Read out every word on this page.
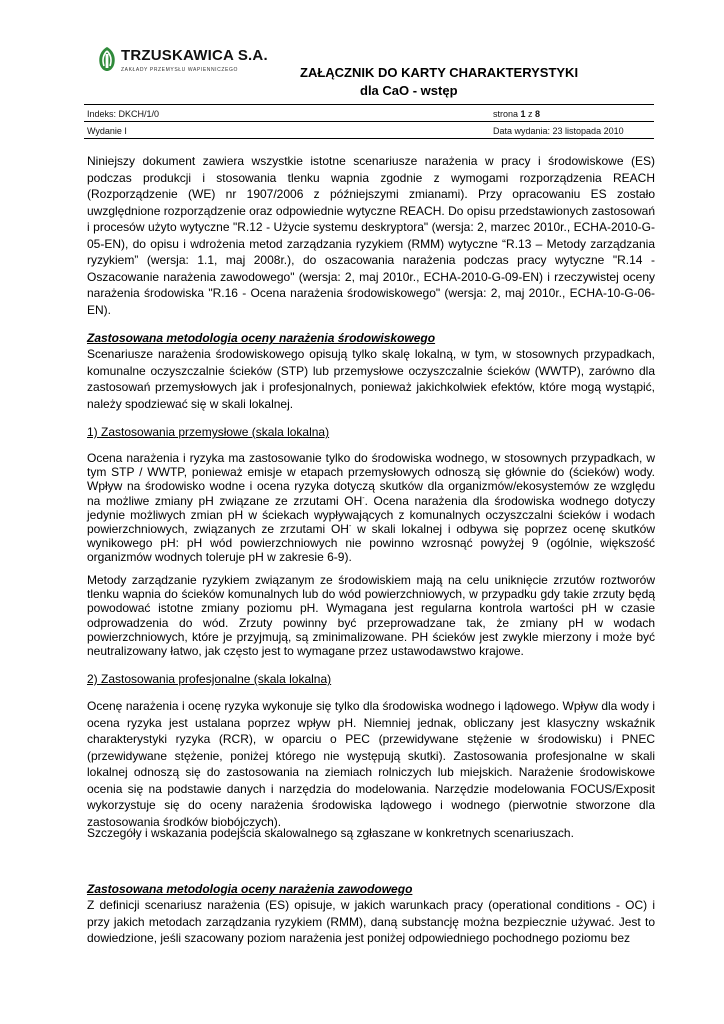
TRZUSKAWICA S.A.
ZAKŁADY PRZEMYSŁU WAPIENNICZEGO	ZAŁĄCZNIK DO KARTY CHARAKTERYSTYKI
dla CaO - wstęp
Indeks: DKCH/1/0	strona 1 z 8
Wydanie I	Data wydania: 23 listopada 2010

Niniejszy dokument zawiera wszystkie istotne scenariusze narażenia w pracy i środowiskowe (ES) podczas produkcji i stosowania tlenku wapnia zgodnie z wymogami rozporządzenia REACH (Rozporządzenie (WE) nr 1907/2006 z późniejszymi zmianami). Przy opracowaniu ES zostało uwzględnione rozporządzenie oraz odpowiednie wytyczne REACH. Do opisu przedstawionych zastosowań i procesów użyto wytyczne "R.12 - Użycie systemu deskryptora" (wersja: 2, marzec 2010r., ECHA-2010-G-05-EN), do opisu i wdrożenia metod zarządzania ryzykiem (RMM) wytyczne “R.13 – Metody zarządzania ryzykiem” (wersja: 1.1, maj 2008r.), do oszacowania narażenia podczas pracy wytyczne "R.14 - Oszacowanie narażenia zawodowego" (wersja: 2, maj 2010r., ECHA-2010-G-09-EN) i rzeczywistej oceny narażenia środowiska "R.16 - Ocena narażenia środowiskowego" (wersja: 2, maj 2010r., ECHA-10-G-06-EN).

Zastosowana metodologia oceny narażenia środowiskowego

Scenariusze narażenia środowiskowego opisują tylko skalę lokalną, w tym, w stosownych przypadkach, komunalne oczyszczalnie ścieków (STP) lub przemysłowe oczyszczalnie ścieków (WWTP), zarówno dla zastosowań przemysłowych jak i profesjonalnych, ponieważ jakichkolwiek efektów, które mogą wystąpić, należy spodziewać się w skali lokalnej.

1) Zastosowania przemysłowe (skala lokalna)

Ocena narażenia i ryzyka ma zastosowanie tylko do środowiska wodnego, w stosownych przypadkach, w tym STP / WWTP, ponieważ emisje w etapach przemysłowych odnoszą się głównie do (ścieków) wody. Wpływ na środowisko wodne i ocena ryzyka dotyczą skutków dla organizmów/ekosystemów ze względu na możliwe zmiany pH związane ze zrzutami OH-. Ocena narażenia dla środowiska wodnego dotyczy jedynie możliwych zmian pH w ściekach wypływających z komunalnych oczyszczalni ścieków i wodach powierzchniowych, związanych ze zrzutami OH- w skali lokalnej i odbywa się poprzez ocenę skutków wynikowego pH: pH wód powierzchniowych nie powinno wzrosnąć powyżej 9 (ogólnie, większość organizmów wodnych toleruje pH w zakresie 6-9).

Metody zarządzanie ryzykiem związanym ze środowiskiem mają na celu uniknięcie zrzutów roztworów tlenku wapnia do ścieków komunalnych lub do wód powierzchniowych, w przypadku gdy takie zrzuty będą powodować istotne zmiany poziomu pH. Wymagana jest regularna kontrola wartości pH w czasie odprowadzenia do wód. Zrzuty powinny być przeprowadzane tak, że zmiany pH w wodach powierzchniowych, które je przyjmują, są zminimalizowane. PH ścieków jest zwykle mierzony i może być neutralizowany łatwo, jak często jest to wymagane przez ustawodawstwo krajowe.

2) Zastosowania profesjonalne (skala lokalna)

Ocenę narażenia i ocenę ryzyka wykonuje się tylko dla środowiska wodnego i lądowego. Wpływ dla wody i ocena ryzyka jest ustalana poprzez wpływ pH. Niemniej jednak, obliczany jest klasyczny wskaźnik charakterystyki ryzyka (RCR), w oparciu o PEC (przewidywane stężenie w środowisku) i PNEC (przewidywane stężenie, poniżej którego nie występują skutki). Zastosowania profesjonalne w skali lokalnej odnoszą się do zastosowania na ziemiach rolniczych lub miejskich. Narażenie środowiskowe ocenia się na podstawie danych i narzędzia do modelowania. Narzędzie modelowania FOCUS/Exposit wykorzystuje się do oceny narażenia środowiska lądowego i wodnego (pierwotnie stworzone dla zastosowania środków biobójczych).

Szczegóły i wskazania podejścia skalowalnego są zgłaszane w konkretnych scenariuszach.

Zastosowana metodologia oceny narażenia zawodowego

Z definicji scenariusz narażenia (ES) opisuje, w jakich warunkach pracy (operational conditions - OC) i przy jakich metodach zarządzania ryzykiem (RMM), daną substancję można bezpiecznie używać. Jest to dowiedzione, jeśli szacowany poziom narażenia jest poniżej odpowiedniego pochodnego poziomu bez
